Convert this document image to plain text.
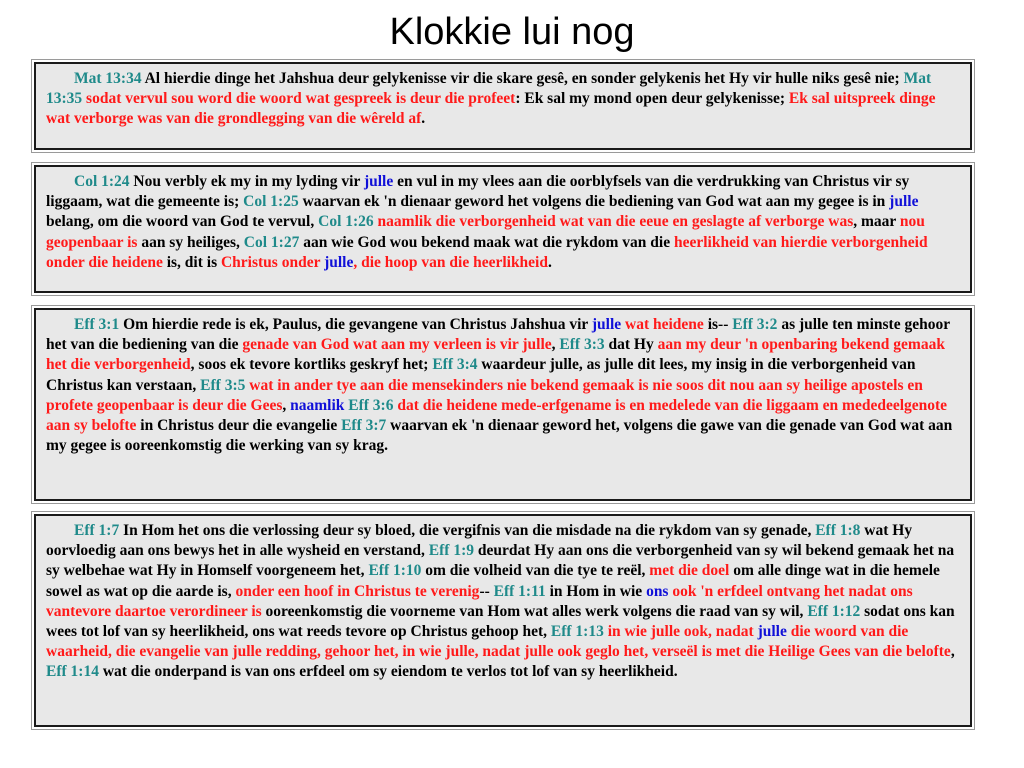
Klokkie lui nog
Mat 13:34 Al hierdie dinge het Jahshua deur gelykenisse vir die skare gesê, en sonder gelykenis het Hy vir hulle niks gesê nie; Mat 13:35 sodat vervul sou word die woord wat gespreek is deur die profeet: Ek sal my mond open deur gelykenisse; Ek sal uitspreek dinge wat verborge was van die grondlegging van die wêreld af.
Col 1:24 Nou verbly ek my in my lyding vir julle en vul in my vlees aan die oorblyfsels van die verdrukking van Christus vir sy liggaam, wat die gemeente is; Col 1:25 waarvan ek 'n dienaar geword het volgens die bediening van God wat aan my gegee is in julle belang, om die woord van God te vervul, Col 1:26 naamlik die verborgenheid wat van die eeue en geslagte af verborge was, maar nou geopenbaar is aan sy heiliges, Col 1:27 aan wie God wou bekend maak wat die rykdom van die heerlikheid van hierdie verborgenheid onder die heidene is, dit is Christus onder julle, die hoop van die heerlikheid.
Eff 3:1 Om hierdie rede is ek, Paulus, die gevangene van Christus Jahshua vir julle wat heidene is-- Eff 3:2 as julle ten minste gehoor het van die bediening van die genade van God wat aan my verleen is vir julle, Eff 3:3 dat Hy aan my deur 'n openbaring bekend gemaak het die verborgenheid, soos ek tevore kortliks geskryf het; Eff 3:4 waardeur julle, as julle dit lees, my insig in die verborgenheid van Christus kan verstaan, Eff 3:5 wat in ander tye aan die mensekinders nie bekend gemaak is nie soos dit nou aan sy heilige apostels en profete geopenbaar is deur die Gees, naamlik Eff 3:6 dat die heidene mede-erfgename is en medelede van die liggaam en mededeelgenote aan sy belofte in Christus deur die evangelie Eff 3:7 waarvan ek 'n dienaar geword het, volgens die gawe van die genade van God wat aan my gegee is ooreenkomstig die werking van sy krag.
Eff 1:7 In Hom het ons die verlossing deur sy bloed, die vergifnis van die misdade na die rykdom van sy genade, Eff 1:8 wat Hy oorvloedig aan ons bewys het in alle wysheid en verstand, Eff 1:9 deurdat Hy aan ons die verborgenheid van sy wil bekend gemaak het na sy welbehae wat Hy in Homself voorgeneem het, Eff 1:10 om die volheid van die tye te reël, met die doel om alle dinge wat in die hemele sowel as wat op die aarde is, onder een hoof in Christus te verenig-- Eff 1:11 in Hom in wie ons ook 'n erfdeel ontvang het nadat ons vantevore daartoe verordineer is ooreenkomstig die voorneme van Hom wat alles werk volgens die raad van sy wil, Eff 1:12 sodat ons kan wees tot lof van sy heerlikheid, ons wat reeds tevore op Christus gehoop het, Eff 1:13 in wie julle ook, nadat julle die woord van die waarheid, die evangelie van julle redding, gehoor het, in wie julle, nadat julle ook geglo het, verseël is met die Heilige Gees van die belofte, Eff 1:14 wat die onderpand is van ons erfdeel om sy eiendom te verlos tot lof van sy heerlikheid.
